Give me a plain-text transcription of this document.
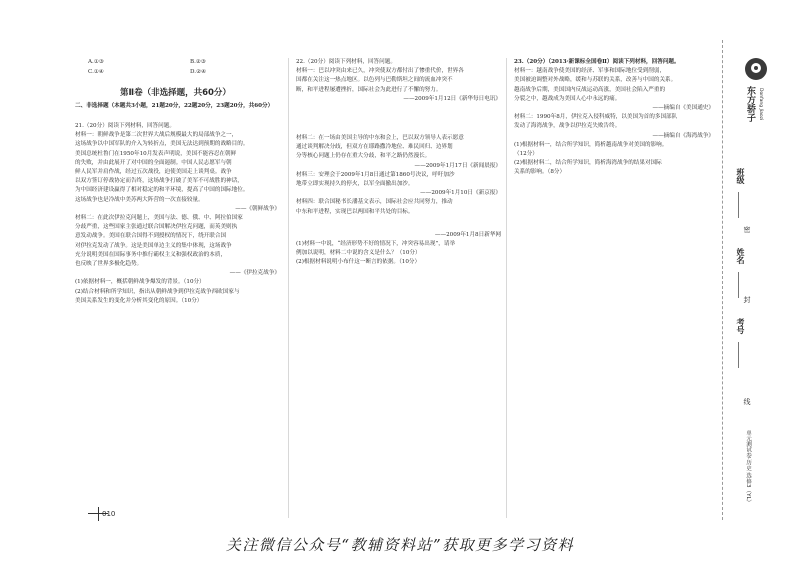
A.①③	B.②③
C.①④	D.②④
第Ⅱ卷（非选择题，共60分）
二、非选择题（本题共3小题，21题20分，22题20分，23题20分，共60分）
21.（20分）阅读下列材料，回答问题。
材料一：朝鲜战争是第二次世界大战后规模最大的局部战争之一，
这场战争以中国军队的介入为转折点，美国无法达到预期的战略目的。
美国总统杜鲁门在1950年10月发表声明说，美国不能容忍在朝鲜
的失败，并由此展开了对中国的全面遏制。中国人民志愿军与朝
鲜人民军并肩作战，经过五次战役，迫使美国走上谈判桌。战争
以双方签订停战协定而告终，这场战争打破了美军不可战胜的神话，
为中国经济建设赢得了相对稳定的和平环境，提高了中国的国际地位。
这场战争也是冷战中美苏两大阵营的一次直接较量。
——《朝鲜战争》
材料二：在此次伊拉克问题上，美国与法、德、俄、中、阿拉伯国家
分歧严重，这些国家主张通过联合国解决伊拉克问题，而英美则执
意发动战争。美国在联合国得不到授权的情况下，绕开联合国
对伊拉克发动了战争。这是美国单边主义的集中体现，这场战争
充分说明美国在国际事务中推行霸权主义和强权政治的本质，
也反映了世界多极化趋势。
——《伊拉克战争》
(1)依据材料一，概括朝鲜战争爆发的背景。（10分）
(2)结合材料和所学知识，指出从朝鲜战争到伊拉克战争西欧国家与
美国关系发生的变化并分析其变化的原因。（10分）
010
22.（20分）阅读下列材料，回答问题。
材料一：巴以冲突由来已久，冲突使双方都付出了惨重代价，世界各
国都在关注这一热点地区。以色列与巴勒斯坦之间的流血冲突不
断，和平进程屡遭挫折，国际社会为此进行了不懈的努力。
——2009年1月12日《新华每日电讯》
材料二：在一场由美国主导的中东和会上，巴以双方领导人表示愿意
通过谈判解决分歧，但双方在耶路撒冷地位、难民回归、边界划
分等核心问题上仍存在重大分歧，和平之路仍然漫长。
——2009年1月17日《新闻晨报》
材料三：安理会于2009年1月8日通过第1860号决议，呼吁加沙
地带立即实现持久的停火，以军全面撤出加沙。
——2009年1月10日《新京报》
材料四：联合国秘书长潘基文表示，国际社会应共同努力，推动
中东和平进程，实现巴以两国和平共处的目标。
——2009年1月8日新华网
(1)材料一中说，“经济形势不好的情况下，冲突容易出现”，请举
例加以说明，材料二中说的含义是什么？（10分）
(2)根据材料说明小布什这一断言的依据。（10分）
23.（20分）（2013·新课标全国卷Ⅱ）阅读下列材料，回答问题。
材料一：越南战争使美国的经济、军事和国际地位受到削弱，
美国被迫调整对外战略，缓和与苏联的关系，改善与中国的关系。
越南战争后期，美国国内反战运动高涨，美国社会陷入严重的
分裂之中，越战成为美国人心中永远的痛。
——摘编自《美国通史》
材料二：1990年8月，伊拉克入侵科威特，以美国为首的多国部队
发动了海湾战争，战争以伊拉克失败告终。
——摘编自《海湾战争》
(1)根据材料一，结合所学知识，简析越南战争对美国的影响。
（12分）
(2)根据材料二，结合所学知识，简析海湾战争的结果对国际
关系的影响。（8分）
东方骄子 Donfang Jiaozi
班级
密
姓名
封
考号
线
单元测试卷·历史 选修3（YL）
关注微信公众号“教辅资料站”获取更多学习资料
